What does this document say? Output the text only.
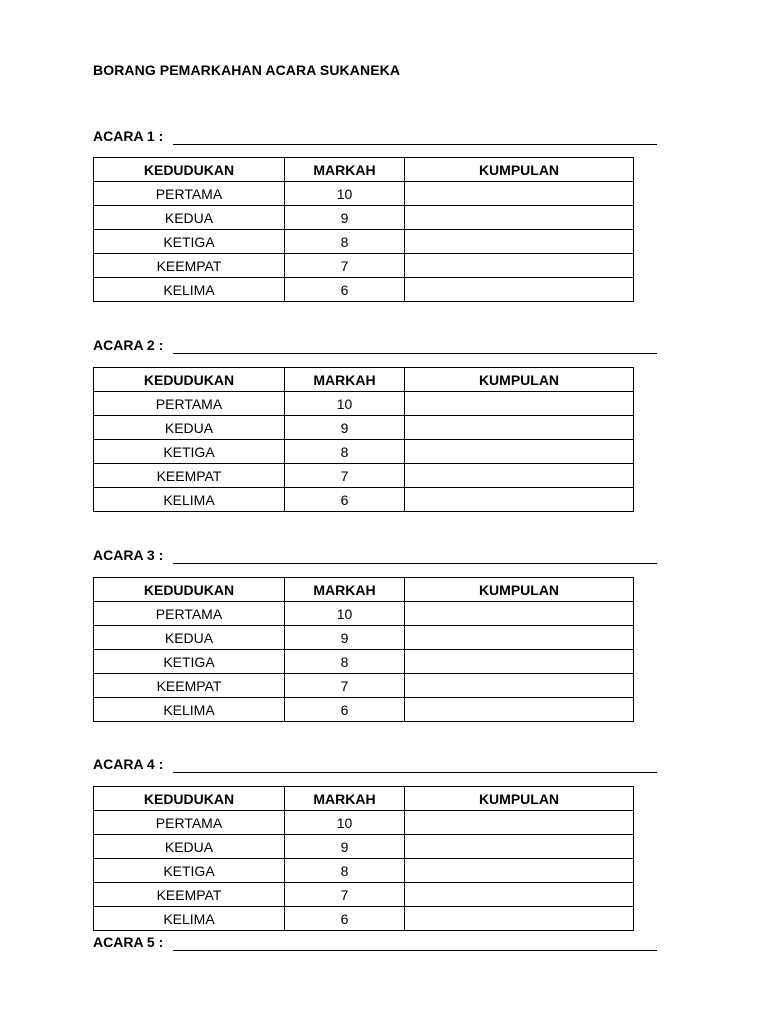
BORANG PEMARKAHAN ACARA SUKANEKA
ACARA 1 :
KEDUDUKAN	MARKAH	KUMPULAN
PERTAMA	10	
KEDUA	9	
KETIGA	8	
KEEMPAT	7	
KELIMA	6	
ACARA 2 :
KEDUDUKAN	MARKAH	KUMPULAN
PERTAMA	10	
KEDUA	9	
KETIGA	8	
KEEMPAT	7	
KELIMA	6	
ACARA 3 :
KEDUDUKAN	MARKAH	KUMPULAN
PERTAMA	10	
KEDUA	9	
KETIGA	8	
KEEMPAT	7	
KELIMA	6	
ACARA 4 :
KEDUDUKAN	MARKAH	KUMPULAN
PERTAMA	10	
KEDUA	9	
KETIGA	8	
KEEMPAT	7	
KELIMA	6	
ACARA 5 :
